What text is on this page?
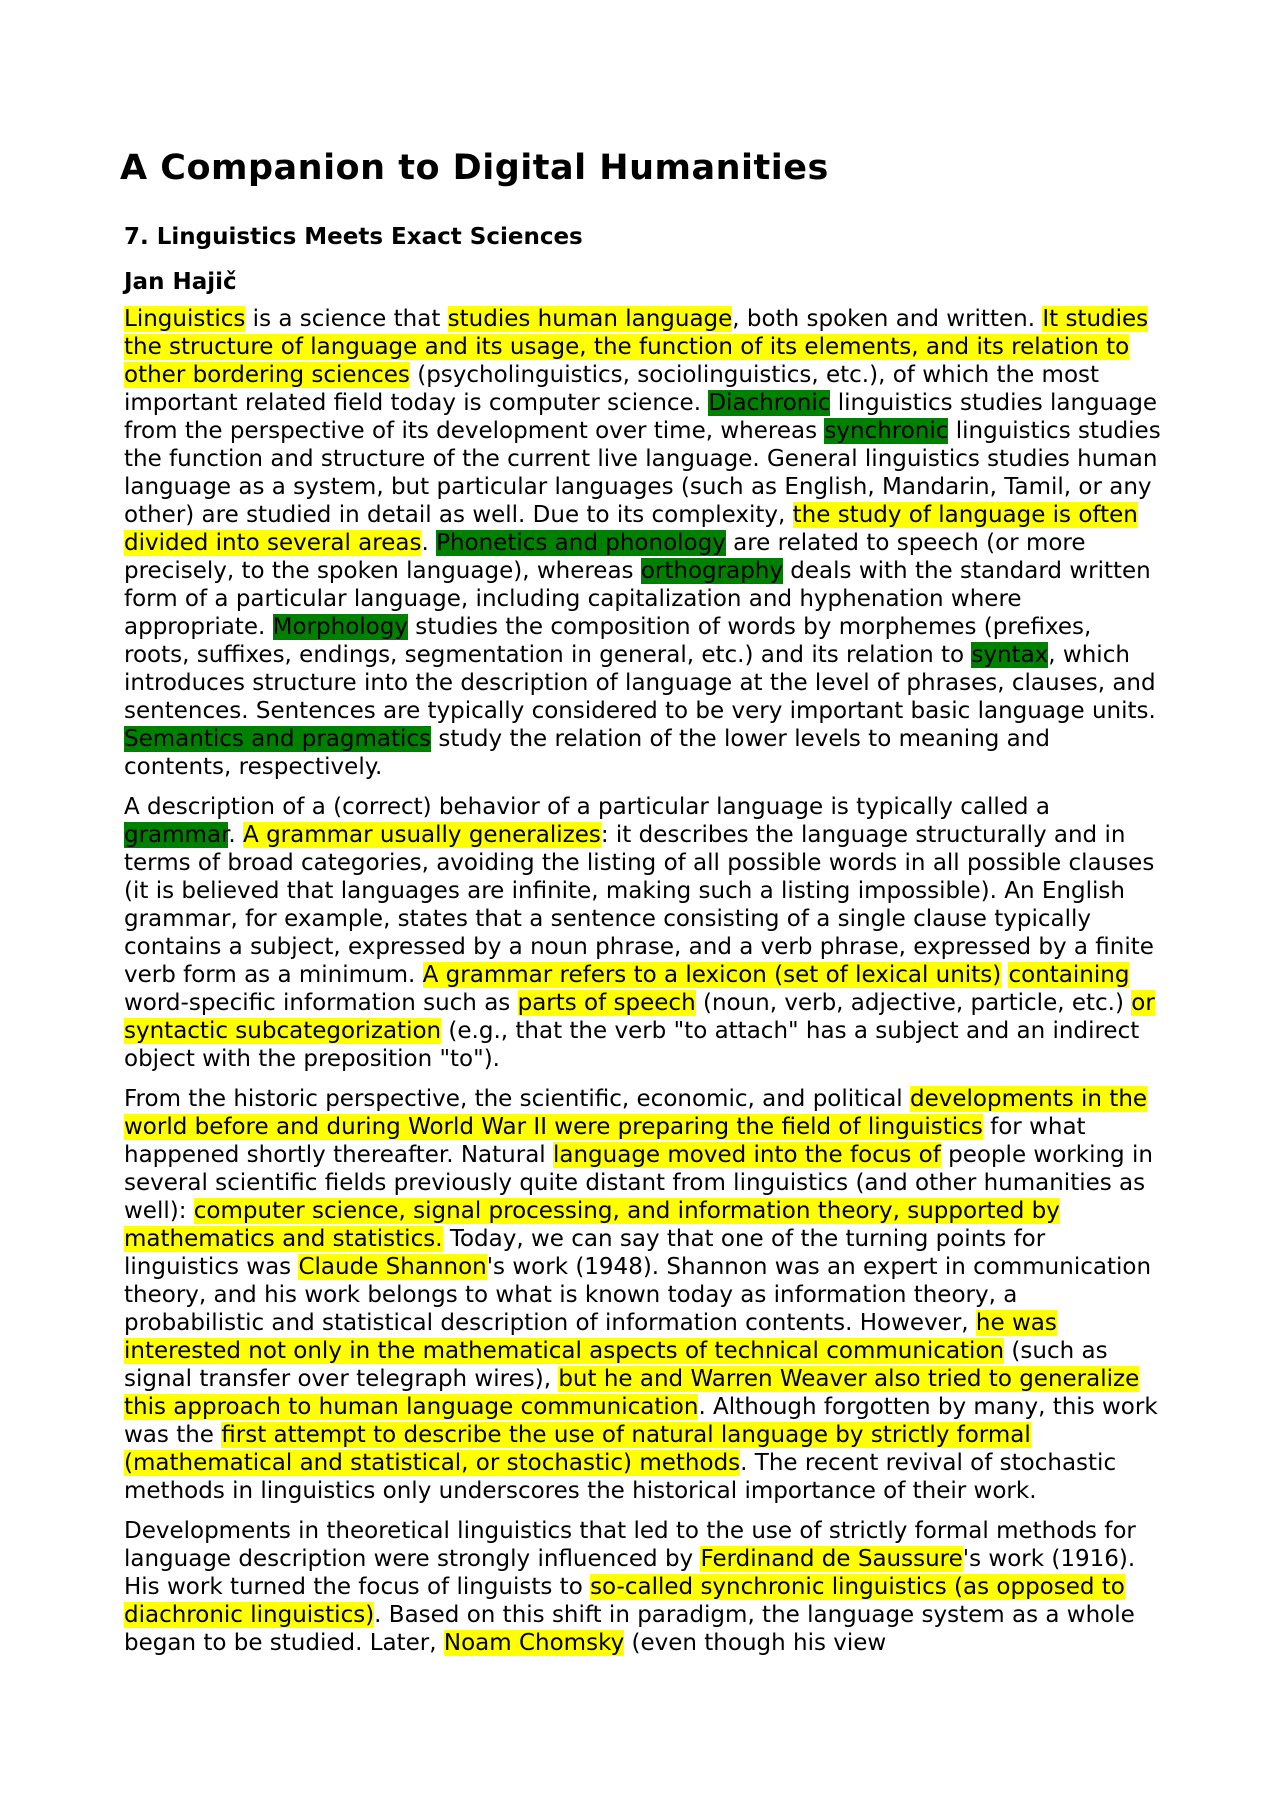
A Companion to Digital Humanities
7. Linguistics Meets Exact Sciences
Jan Hajič

Linguistics is a science that studies human language, both spoken and written. It studies the structure of language and its usage, the function of its elements, and its relation to other bordering sciences (psycholinguistics, sociolinguistics, etc.), of which the most important related field today is computer science. Diachronic linguistics studies language from the perspective of its development over time, whereas synchronic linguistics studies the function and structure of the current live language. General linguistics studies human language as a system, but particular languages (such as English, Mandarin, Tamil, or any other) are studied in detail as well. Due to its complexity, the study of language is often divided into several areas. Phonetics and phonology are related to speech (or more precisely, to the spoken language), whereas orthography deals with the standard written form of a particular language, including capitalization and hyphenation where appropriate. Morphology studies the composition of words by morphemes (prefixes, roots, suffixes, endings, segmentation in general, etc.) and its relation to syntax, which introduces structure into the description of language at the level of phrases, clauses, and sentences. Sentences are typically considered to be very important basic language units. Semantics and pragmatics study the relation of the lower levels to meaning and contents, respectively.

A description of a (correct) behavior of a particular language is typically called a grammar. A grammar usually generalizes: it describes the language structurally and in terms of broad categories, avoiding the listing of all possible words in all possible clauses (it is believed that languages are infinite, making such a listing impossible). An English grammar, for example, states that a sentence consisting of a single clause typically contains a subject, expressed by a noun phrase, and a verb phrase, expressed by a finite verb form as a minimum. A grammar refers to a lexicon (set of lexical units) containing word-specific information such as parts of speech (noun, verb, adjective, particle, etc.) or syntactic subcategorization (e.g., that the verb "to attach" has a subject and an indirect object with the preposition "to").

From the historic perspective, the scientific, economic, and political developments in the world before and during World War II were preparing the field of linguistics for what happened shortly thereafter. Natural language moved into the focus of people working in several scientific fields previously quite distant from linguistics (and other humanities as well): computer science, signal processing, and information theory, supported by mathematics and statistics. Today, we can say that one of the turning points for linguistics was Claude Shannon's work (1948). Shannon was an expert in communication theory, and his work belongs to what is known today as information theory, a probabilistic and statistical description of information contents. However, he was interested not only in the mathematical aspects of technical communication (such as signal transfer over telegraph wires), but he and Warren Weaver also tried to generalize this approach to human language communication. Although forgotten by many, this work was the first attempt to describe the use of natural language by strictly formal (mathematical and statistical, or stochastic) methods. The recent revival of stochastic methods in linguistics only underscores the historical importance of their work.

Developments in theoretical linguistics that led to the use of strictly formal methods for language description were strongly influenced by Ferdinand de Saussure's work (1916). His work turned the focus of linguists to so-called synchronic linguistics (as opposed to diachronic linguistics). Based on this shift in paradigm, the language system as a whole began to be studied. Later, Noam Chomsky (even though his view
